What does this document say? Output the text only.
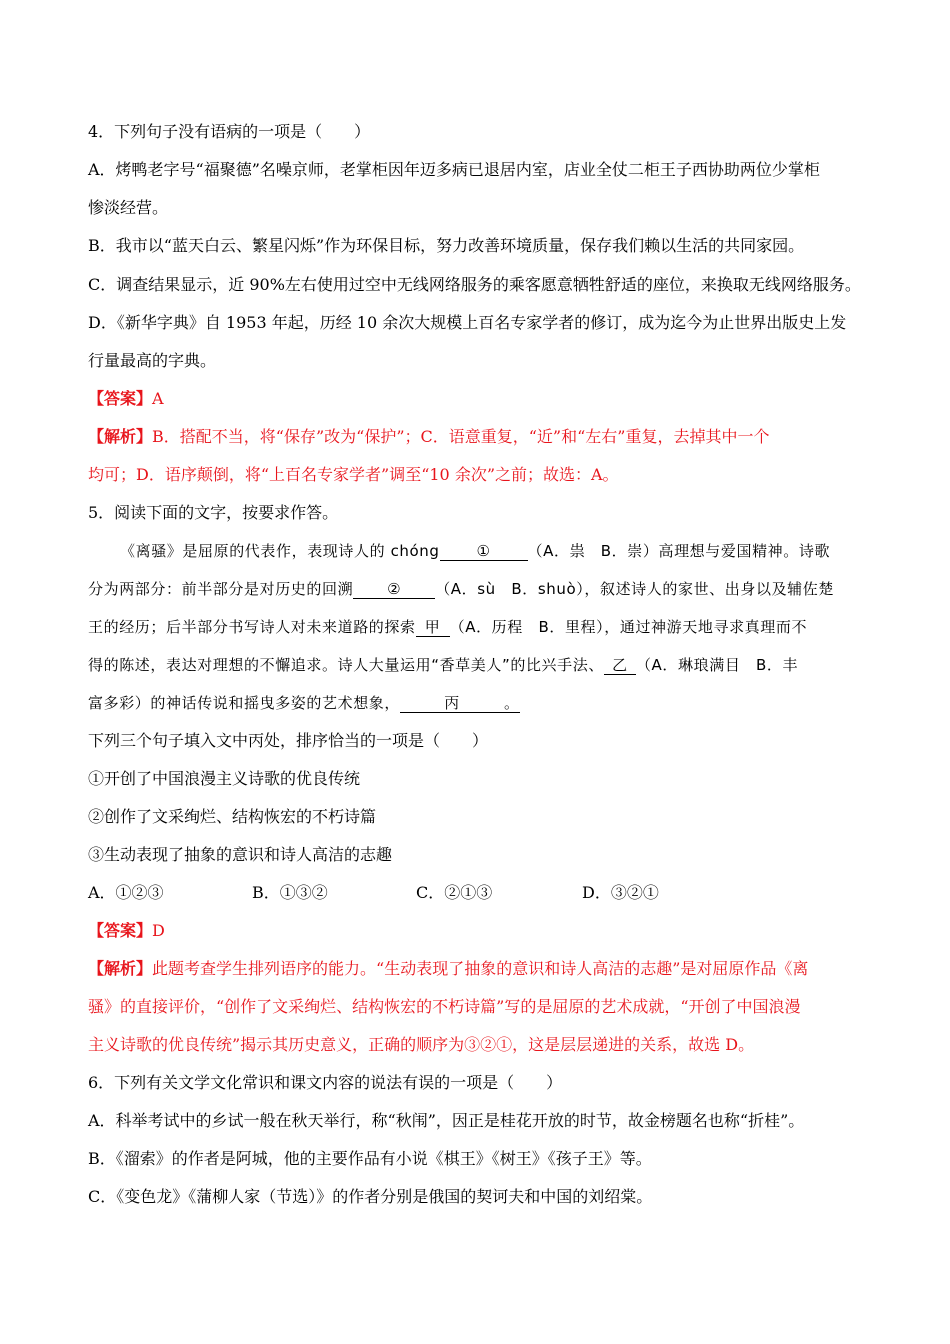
4．下列句子没有语病的一项是（　　）
A．烤鸭老字号“福聚德”名噪京师，老掌柜因年迈多病已退居内室，店业全仗二柜王子西协助两位少掌柜
惨淡经营。
B．我市以“蓝天白云、繁星闪烁”作为环保目标，努力改善环境质量，保存我们赖以生活的共同家园。
C．调查结果显示，近 90%左右使用过空中无线网络服务的乘客愿意牺牲舒适的座位，来换取无线网络服务。
D．《新华字典》自 1953 年起，历经 10 余次大规模上百名专家学者的修订，成为迄今为止世界出版史上发
行量最高的字典。
【答案】A
【解析】B．搭配不当，将“保存”改为“保护”；C．语意重复，“近”和“左右”重复，去掉其中一个
均可；D．语序颠倒，将“上百名专家学者”调至“10 余次”之前；故选：A。
5．阅读下面的文字，按要求作答。
《离骚》是屈原的代表作，表现诗人的 chóng ① （A．祟　B．崇）高理想与爱国精神。诗歌
分为两部分：前半部分是对历史的回溯 ② （A．sù　B．shuò），叙述诗人的家世、出身以及辅佐楚
王的经历；后半部分书写诗人对未来道路的探索 甲 （A．历程　B．里程），通过神游天地寻求真理而不
得的陈述，表达对理想的不懈追求。诗人大量运用“香草美人”的比兴手法、 乙 （A．琳琅满目　B．丰
富多彩）的神话传说和摇曳多姿的艺术想象，	丙	。
下列三个句子填入文中丙处，排序恰当的一项是（　　）
①开创了中国浪漫主义诗歌的优良传统
②创作了文采绚烂、结构恢宏的不朽诗篇
③生动表现了抽象的意识和诗人高洁的志趣
A．①②③	B．①③②	C．②①③	D．③②①
【答案】D
【解析】此题考查学生排列语序的能力。“生动表现了抽象的意识和诗人高洁的志趣”是对屈原作品《离
骚》的直接评价，“创作了文采绚烂、结构恢宏的不朽诗篇”写的是屈原的艺术成就，“开创了中国浪漫
主义诗歌的优良传统”揭示其历史意义，正确的顺序为③②①，这是层层递进的关系，故选 D。
6．下列有关文学文化常识和课文内容的说法有误的一项是（　　）
A．科举考试中的乡试一般在秋天举行，称“秋闱”，因正是桂花开放的时节，故金榜题名也称“折桂”。
B．《溜索》的作者是阿城，他的主要作品有小说《棋王》《树王》《孩子王》等。
C．《变色龙》《蒲柳人家（节选）》的作者分别是俄国的契诃夫和中国的刘绍棠。
